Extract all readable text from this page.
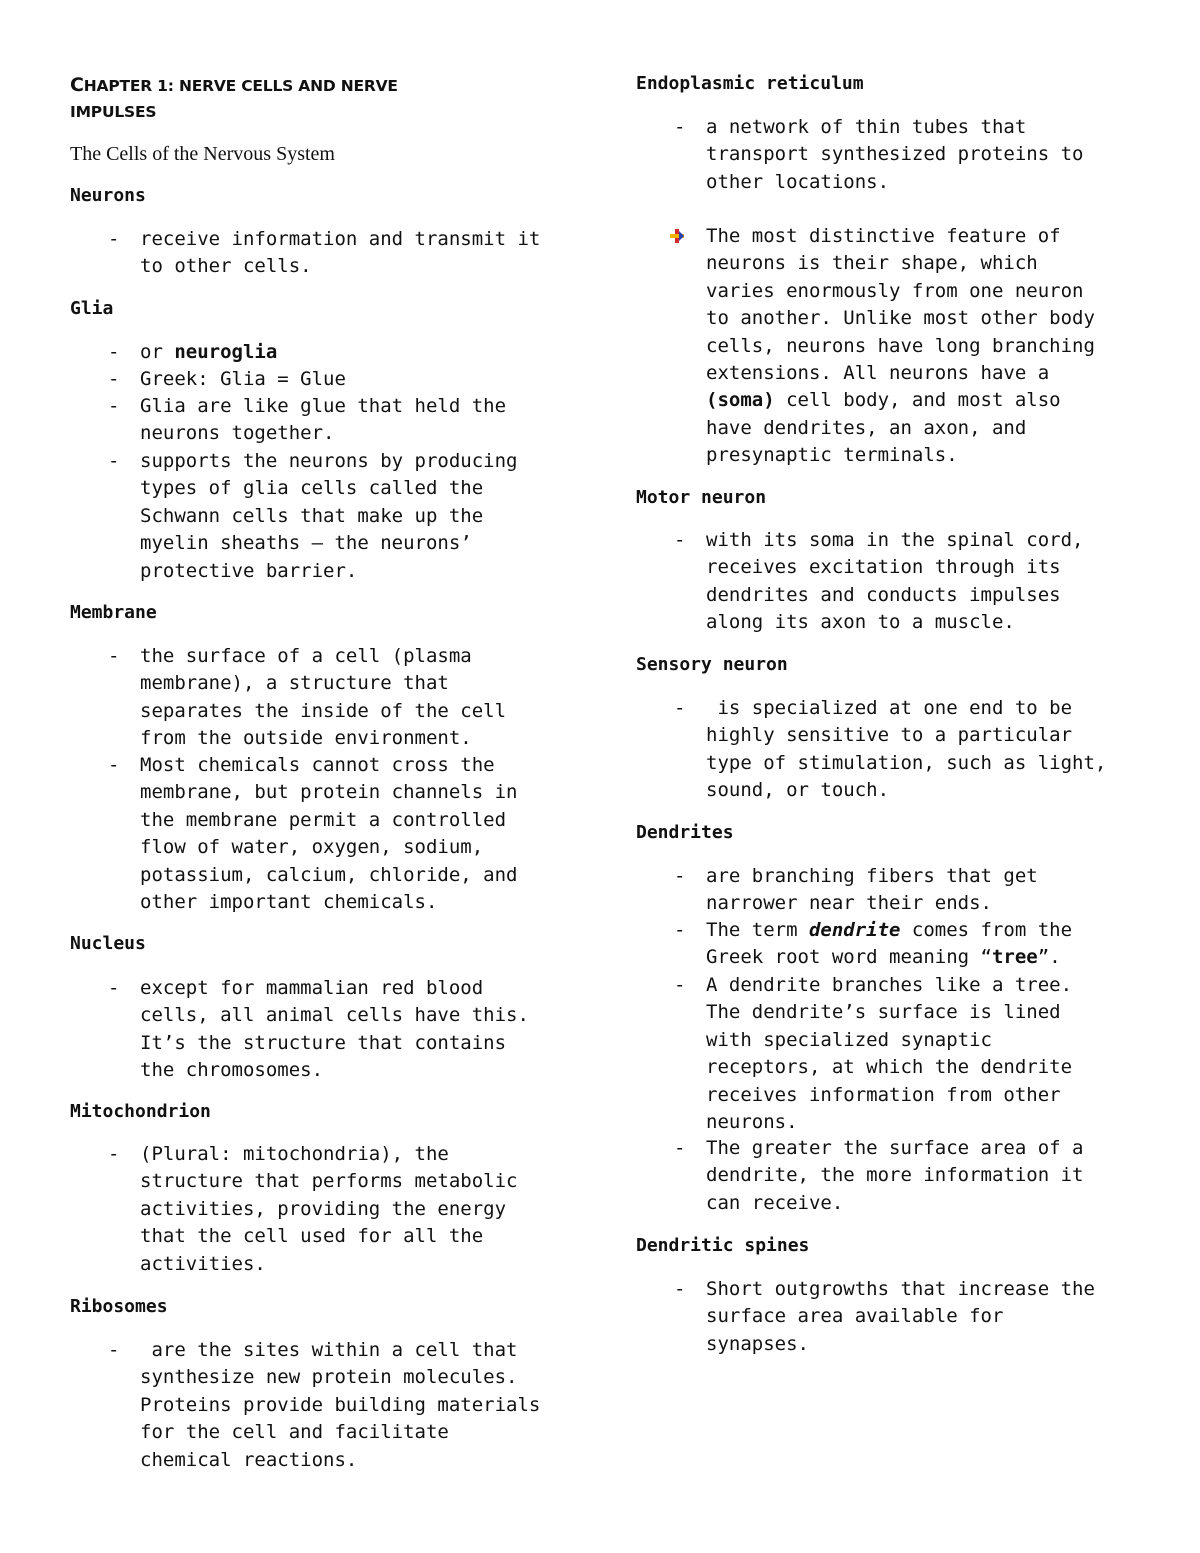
CHAPTER 1: NERVE CELLS AND NERVE
IMPULSES
The Cells of the Nervous System
Neurons
- receive information and transmit it
to other cells.
Glia
- or neuroglia
- Greek: Glia = Glue
- Glia are like glue that held the
neurons together.
- supports the neurons by producing
types of glia cells called the
Schwann cells that make up the
myelin sheaths – the neurons’
protective barrier.
Membrane
- the surface of a cell (plasma
membrane), a structure that
separates the inside of the cell
from the outside environment.
- Most chemicals cannot cross the
membrane, but protein channels in
the membrane permit a controlled
flow of water, oxygen, sodium,
potassium, calcium, chloride, and
other important chemicals.
Nucleus
- except for mammalian red blood
cells, all animal cells have this.
It’s the structure that contains
the chromosomes.
Mitochondrion
- (Plural: mitochondria), the
structure that performs metabolic
activities, providing the energy
that the cell used for all the
activities.
Ribosomes
-	are the sites within a cell that
synthesize new protein molecules.
Proteins provide building materials
for the cell and facilitate
chemical reactions.
Endoplasmic reticulum
- a network of thin tubes that
transport synthesized proteins to
other locations.
The most distinctive feature of
neurons is their shape, which
varies enormously from one neuron
to another. Unlike most other body
cells, neurons have long branching
extensions. All neurons have a
(soma) cell body, and most also
have dendrites, an axon, and
presynaptic terminals.
Motor neuron
- with its soma in the spinal cord,
receives excitation through its
dendrites and conducts impulses
along its axon to a muscle.
Sensory neuron
-	is specialized at one end to be
highly sensitive to a particular
type of stimulation, such as light,
sound, or touch.
Dendrites
- are branching fibers that get
narrower near their ends.
- The term dendrite comes from the
Greek root word meaning “tree”.
- A dendrite branches like a tree.
The dendrite’s surface is lined
with specialized synaptic
receptors, at which the dendrite
receives information from other
neurons.
- The greater the surface area of a
dendrite, the more information it
can receive.
Dendritic spines
- Short outgrowths that increase the
surface area available for
synapses.
